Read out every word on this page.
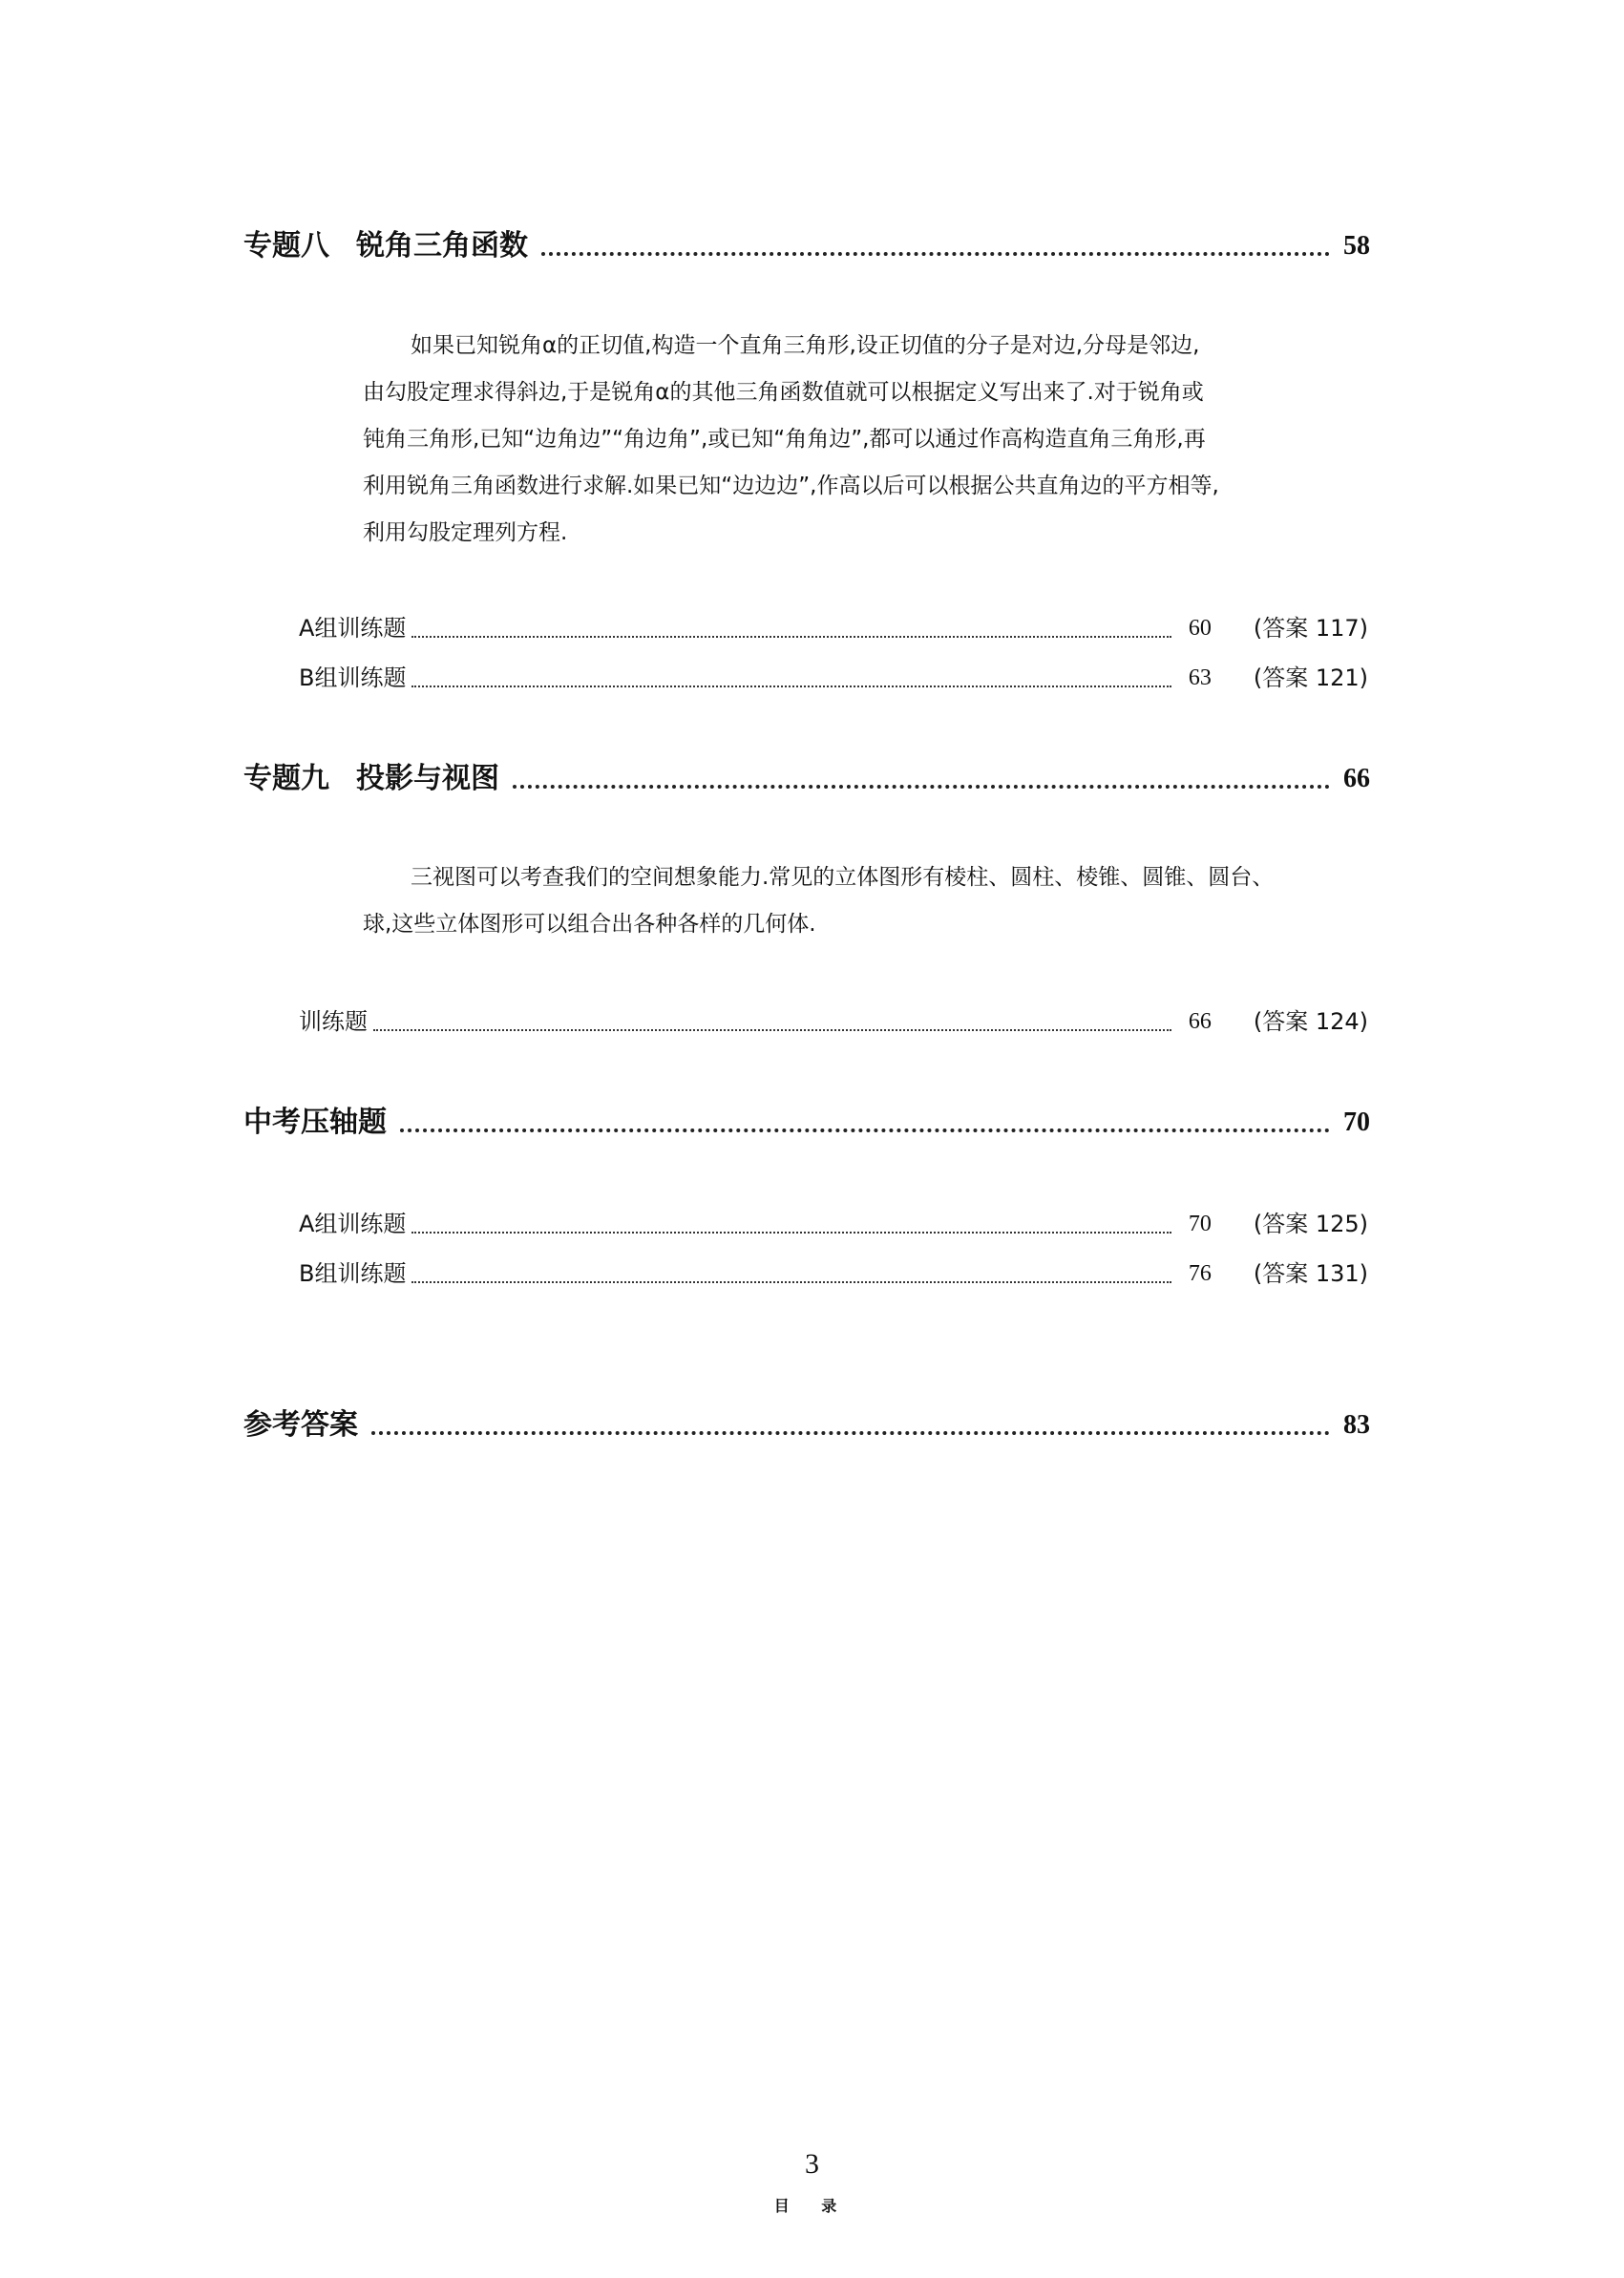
专题八 锐角三角函数	58
如果已知锐角α的正切值,构造一个直角三角形,设正切值的分子是对边,分母是邻边,
由勾股定理求得斜边,于是锐角α的其他三角函数值就可以根据定义写出来了.对于锐角或
钝角三角形,已知“边角边”“角边角”,或已知“角角边”,都可以通过作高构造直角三角形,再
利用锐角三角函数进行求解.如果已知“边边边”,作高以后可以根据公共直角边的平方相等,
利用勾股定理列方程.
A组训练题	60	(答案 117)
B组训练题	63	(答案 121)
专题九 投影与视图	66
三视图可以考查我们的空间想象能力.常见的立体图形有棱柱、圆柱、棱锥、圆锥、圆台、
球,这些立体图形可以组合出各种各样的几何体.
训练题	66	(答案 124)
中考压轴题	70
A组训练题	70	(答案 125)
B组训练题	76	(答案 131)
参考答案	83
3
目 录
